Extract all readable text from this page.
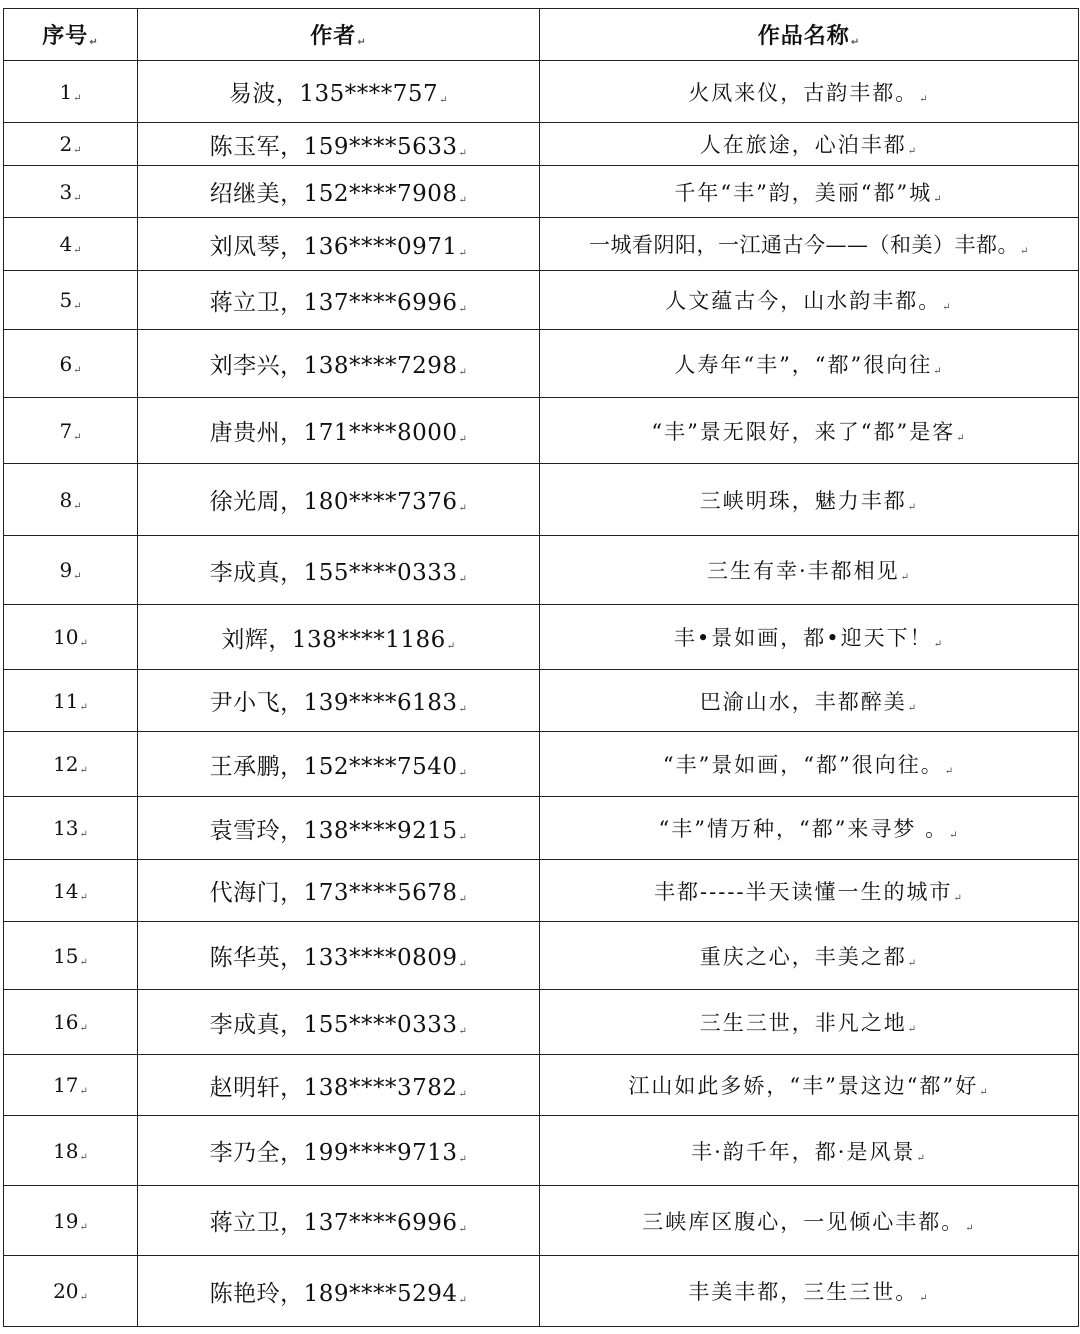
序号↵	作者↵	作品名称↵
1↵	易波，135****757↵	火凤来仪，古韵丰都。↵
2↵	陈玉军，159****5633↵	人在旅途，心泊丰都↵
3↵	绍继美，152****7908↵	千年“丰”韵，美丽“都”城↵
4↵	刘凤琴，136****0971↵	一城看阴阳，一江通古今——（和美）丰都。↵
5↵	蒋立卫，137****6996↵	人文蕴古今，山水韵丰都。↵
6↵	刘李兴，138****7298↵	人寿年“丰”，“都”很向往↵
7↵	唐贵州，171****8000↵	“丰”景无限好，来了“都”是客↵
8↵	徐光周，180****7376↵	三峡明珠，魅力丰都↵
9↵	李成真，155****0333↵	三生有幸·丰都相见↵
10↵	刘辉，138****1186↵	丰•景如画，都•迎天下！↵
11↵	尹小飞，139****6183↵	巴渝山水，丰都醉美↵
12↵	王承鹏，152****7540↵	“丰”景如画，“都”很向往。↵
13↵	袁雪玲，138****9215↵	“丰”情万种，“都”来寻梦 。↵
14↵	代海门，173****5678↵	丰都-----半天读懂一生的城市↵
15↵	陈华英，133****0809↵	重庆之心，丰美之都↵
16↵	李成真，155****0333↵	三生三世，非凡之地↵
17↵	赵明轩，138****3782↵	江山如此多娇，“丰”景这边“都”好↵
18↵	李乃全，199****9713↵	丰·韵千年，都·是风景↵
19↵	蒋立卫，137****6996↵	三峡库区腹心，一见倾心丰都。↵
20↵	陈艳玲，189****5294↵	丰美丰都，三生三世。↵
